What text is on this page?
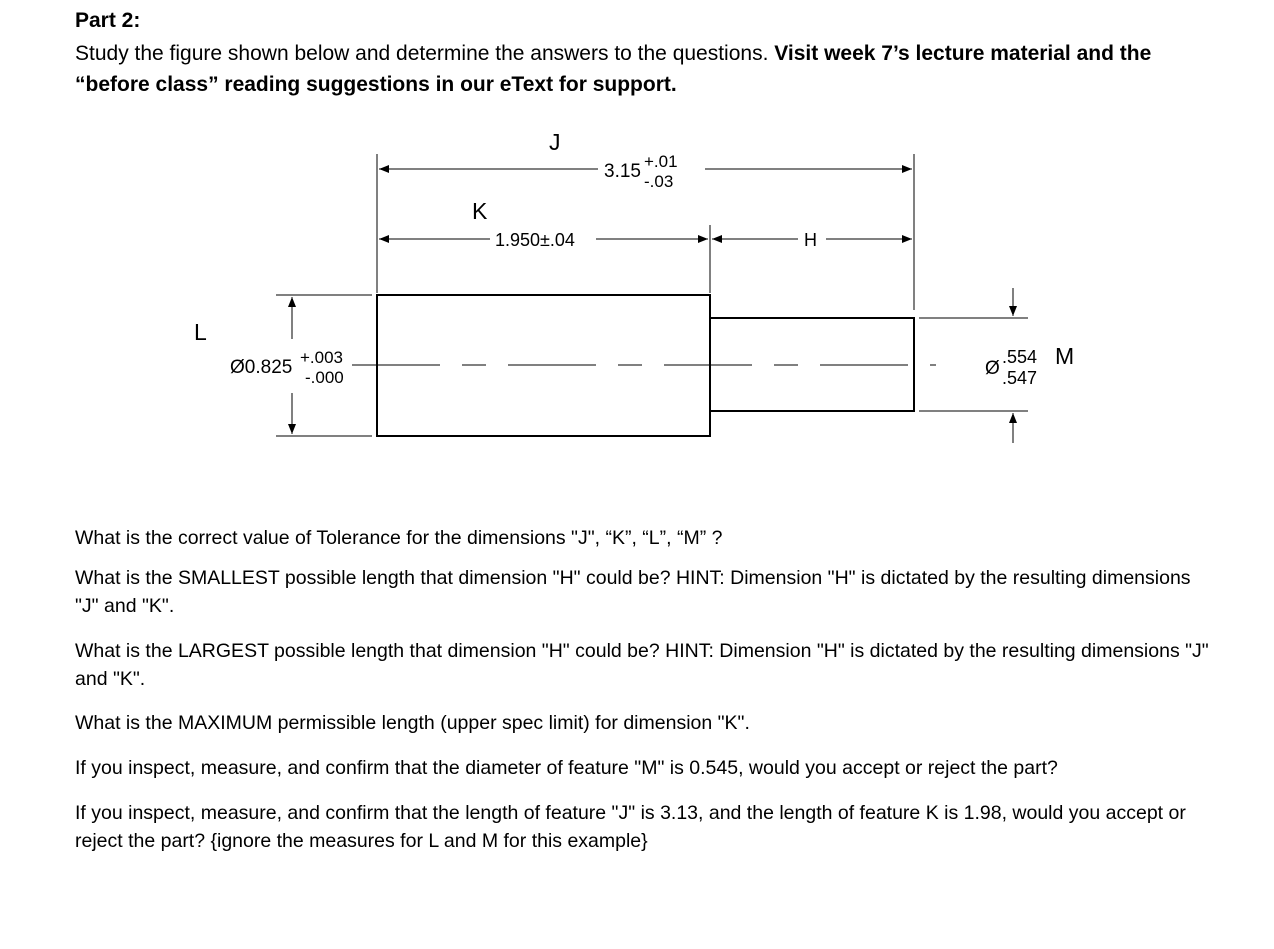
Part 2:
Study the figure shown below and determine the answers to the questions. Visit week 7’s lecture material and the “before class” reading suggestions in our eText for support.
J
3.15 +.01
-.03
K
1.950±.04	H
L
Ø0.825 +.003
-.000	Ø
.554
.547
M

What is the correct value of Tolerance for the dimensions "J", “K”, “L”, “M” ?

What is the SMALLEST possible length that dimension "H" could be? HINT: Dimension "H" is dictated by the resulting dimensions "J" and "K".

What is the LARGEST possible length that dimension "H" could be? HINT: Dimension "H" is dictated by the resulting dimensions "J" and "K".

What is the MAXIMUM permissible length (upper spec limit) for dimension "K".

If you inspect, measure, and confirm that the diameter of feature "M" is 0.545, would you accept or reject the part?

If you inspect, measure, and confirm that the length of feature "J" is 3.13, and the length of feature K is 1.98, would you accept or reject the part? {ignore the measures for L and M for this example}
